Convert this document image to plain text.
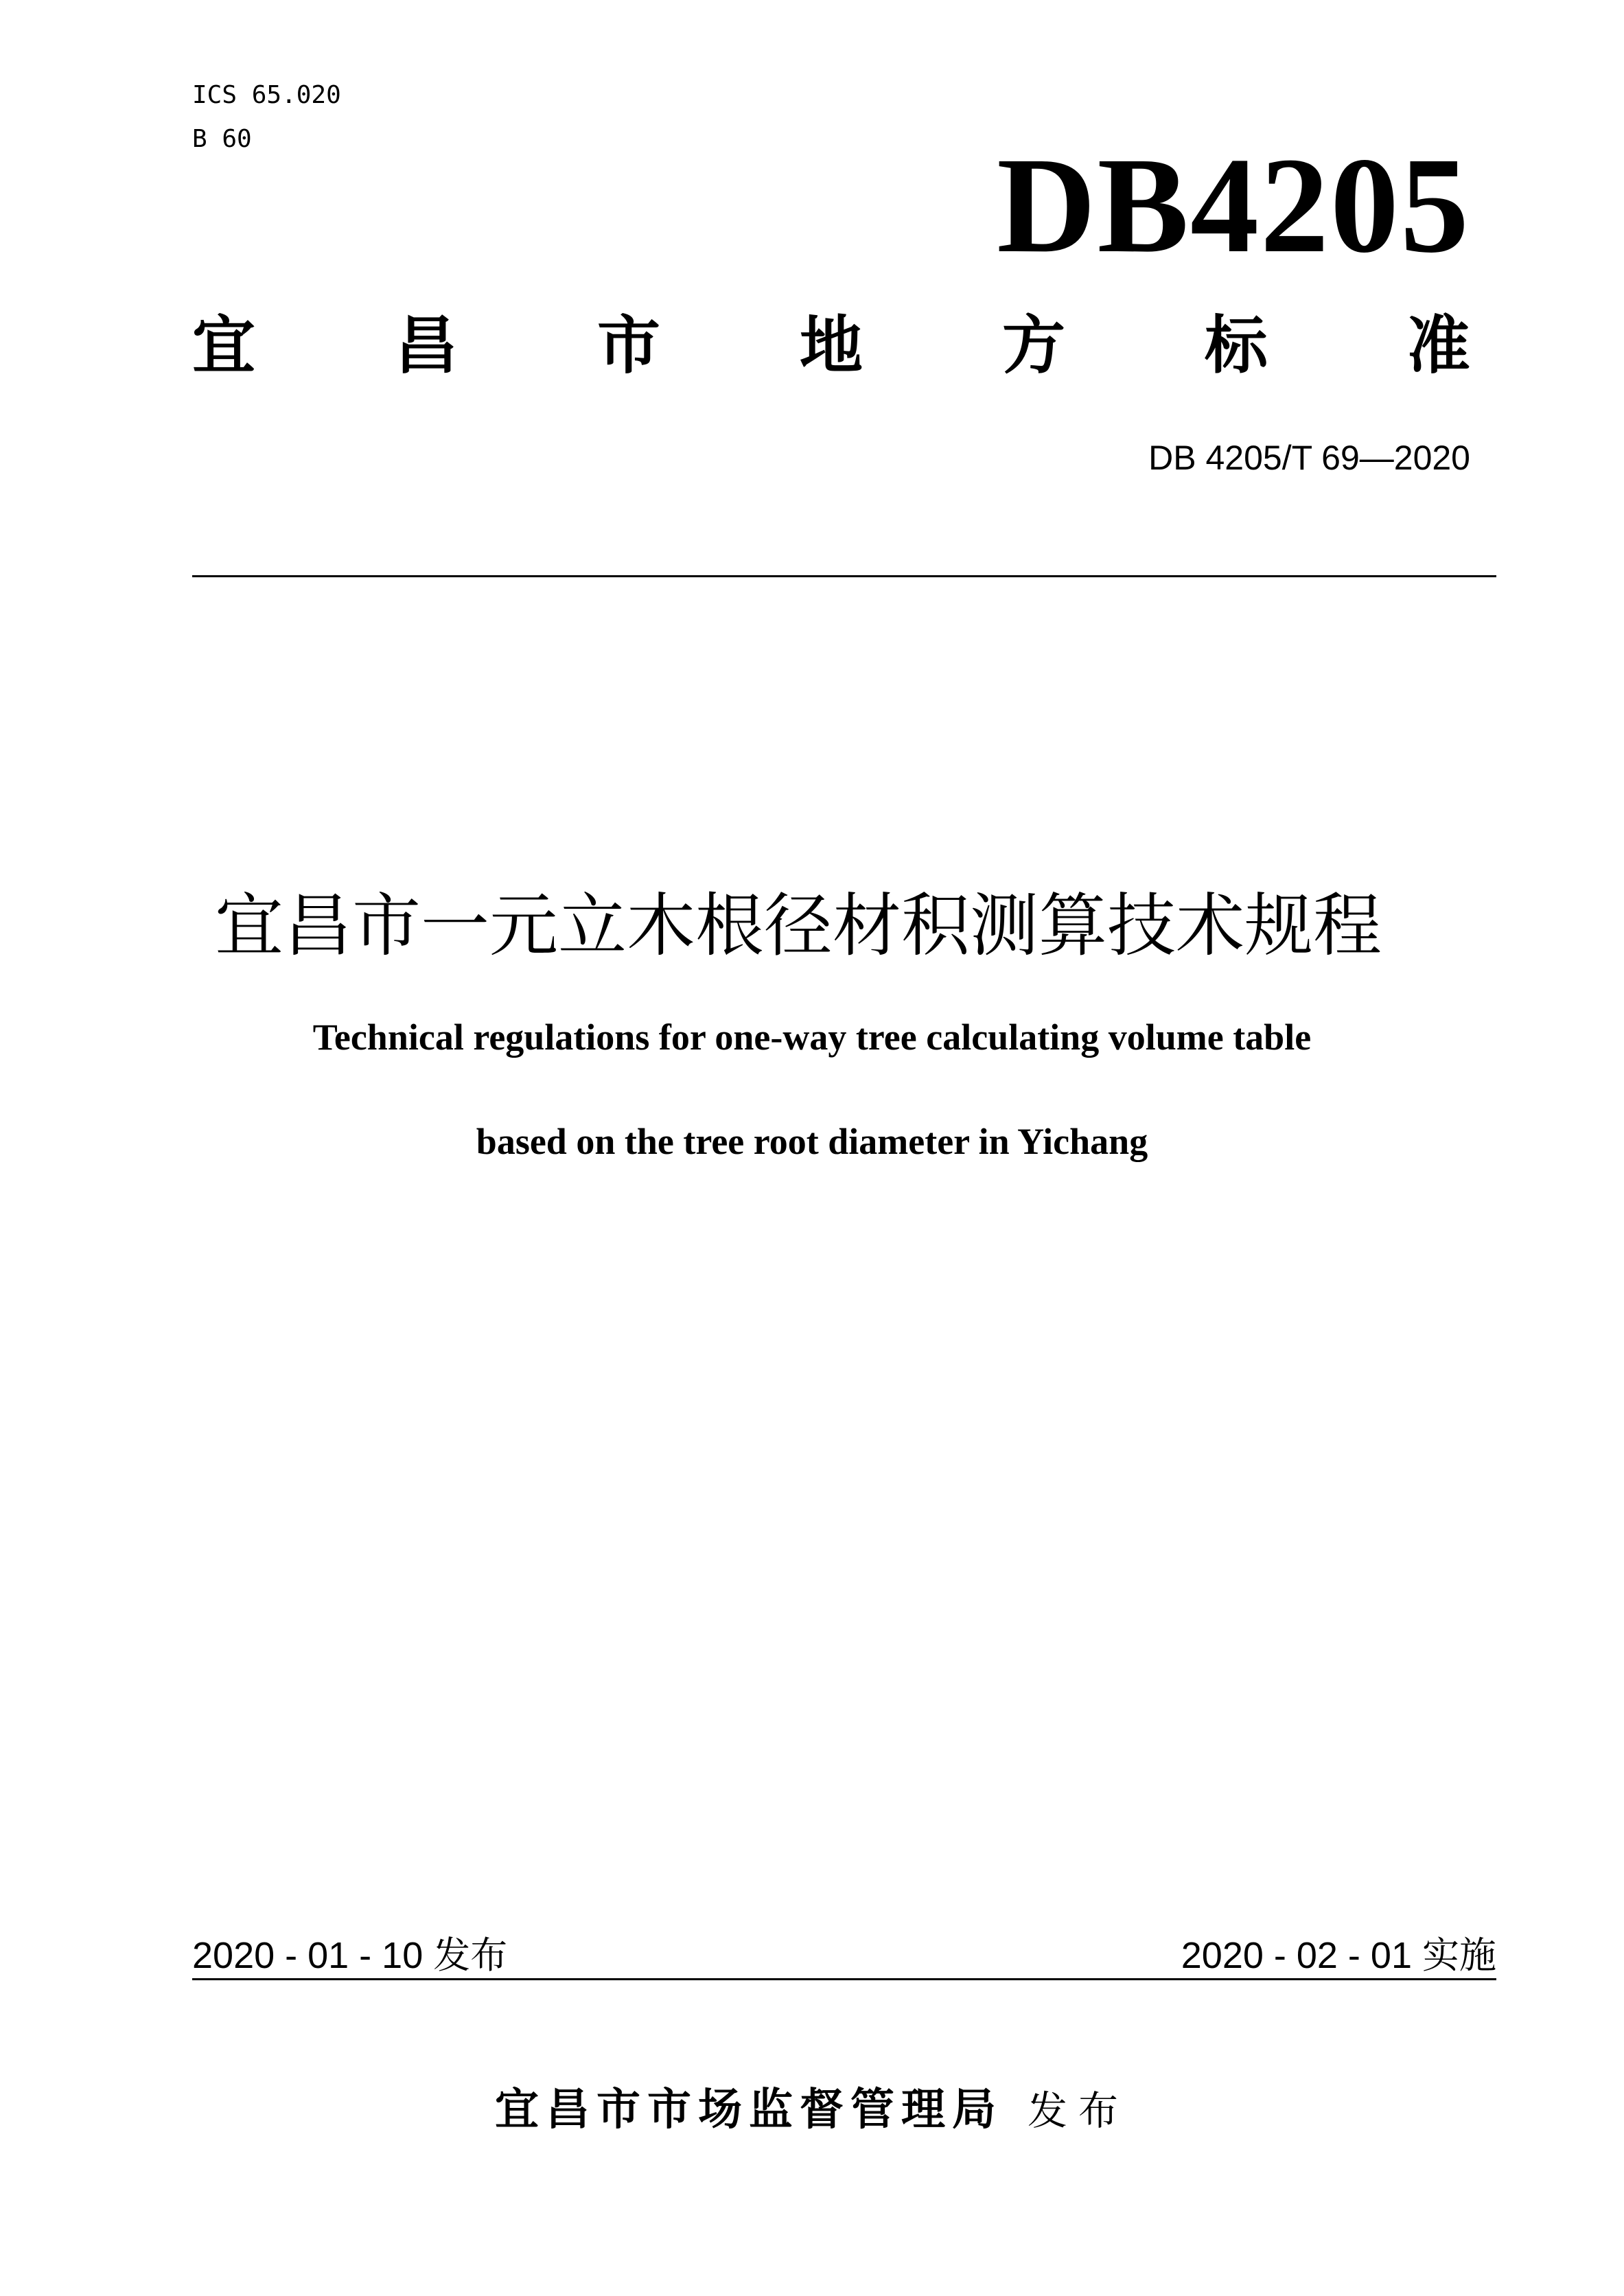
ICS 65.020
B 60	DB4205
宜 昌 市 地 方 标 准
DB 4205/T 69—2020
宜昌市一元立木根径材积测算技术规程
Technical regulations for one-way tree calculating volume table
based on the tree root diameter in Yichang
2020 - 01 - 10 发布	2020 - 02 - 01 实施
宜昌市市场监督管理局 发布
